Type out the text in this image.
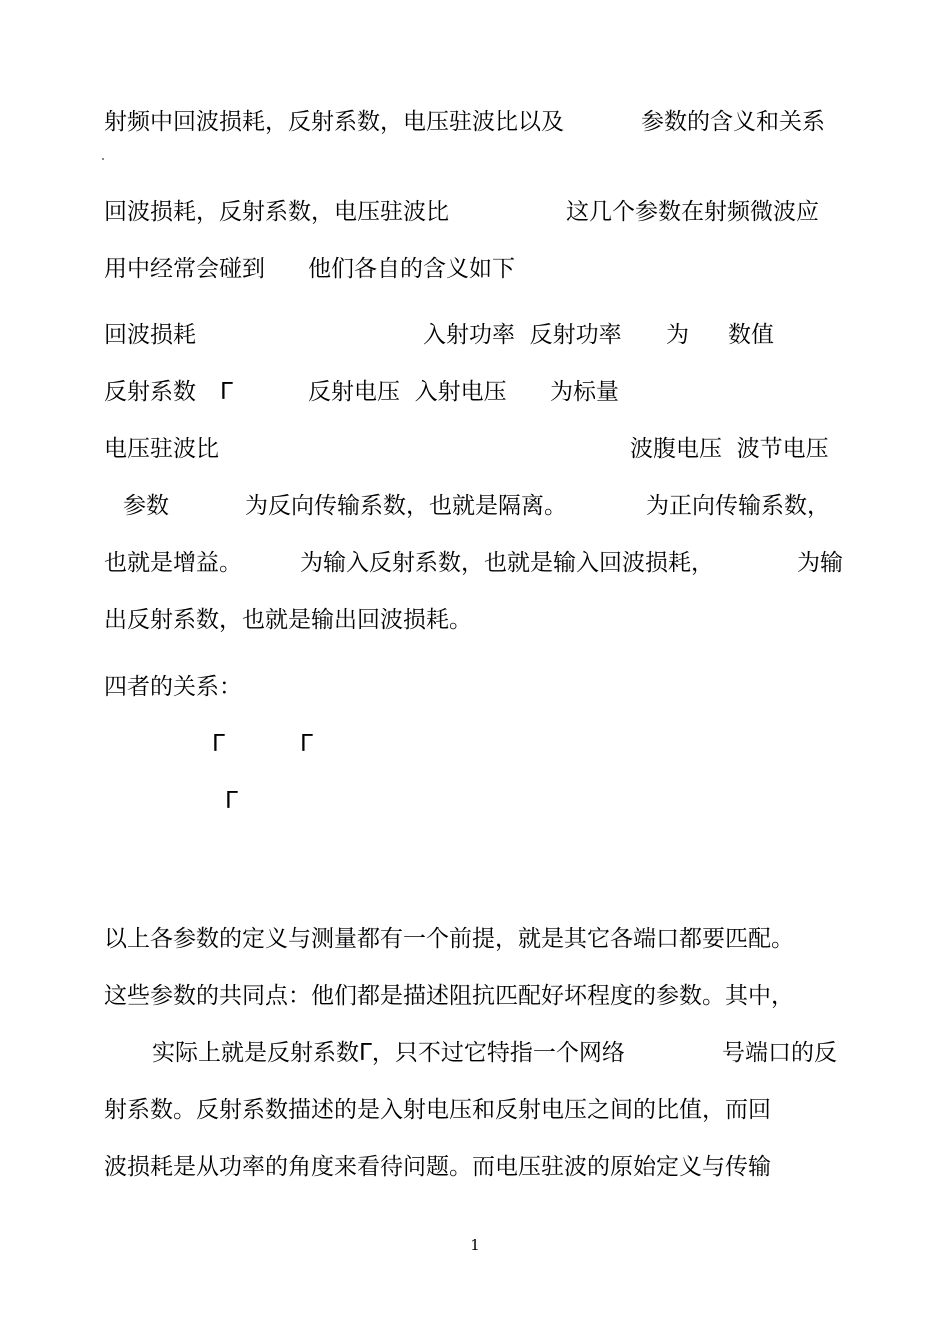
射频中回波损耗，反射系数，电压驻波比以及	参数的含义和关系
回波损耗，反射系数，电压驻波比	这几个参数在射频微波应
用中经常会碰到 他们各自的含义如下
回波损耗	入射功率  反射功率 为 数值
反射系数 Γ	反射电压  入射电压 为标量
电压驻波比	波腹电压  波节电压
参数	为反向传输系数，也就是隔离。	为正向传输系数，
也就是增益。	为输入反射系数，也就是输入回波损耗，	为输
出反射系数，也就是输出回波损耗。
四者的关系：
Γ	Γ
Γ
以上各参数的定义与测量都有一个前提，就是其它各端口都要匹配。
这些参数的共同点：他们都是描述阻抗匹配好坏程度的参数。其中，
实际上就是反射系数Γ，只不过它特指一个网络	号端口的反
射系数。反射系数描述的是入射电压和反射电压之间的比值，而回
波损耗是从功率的角度来看待问题。而电压驻波的原始定义与传输
1
